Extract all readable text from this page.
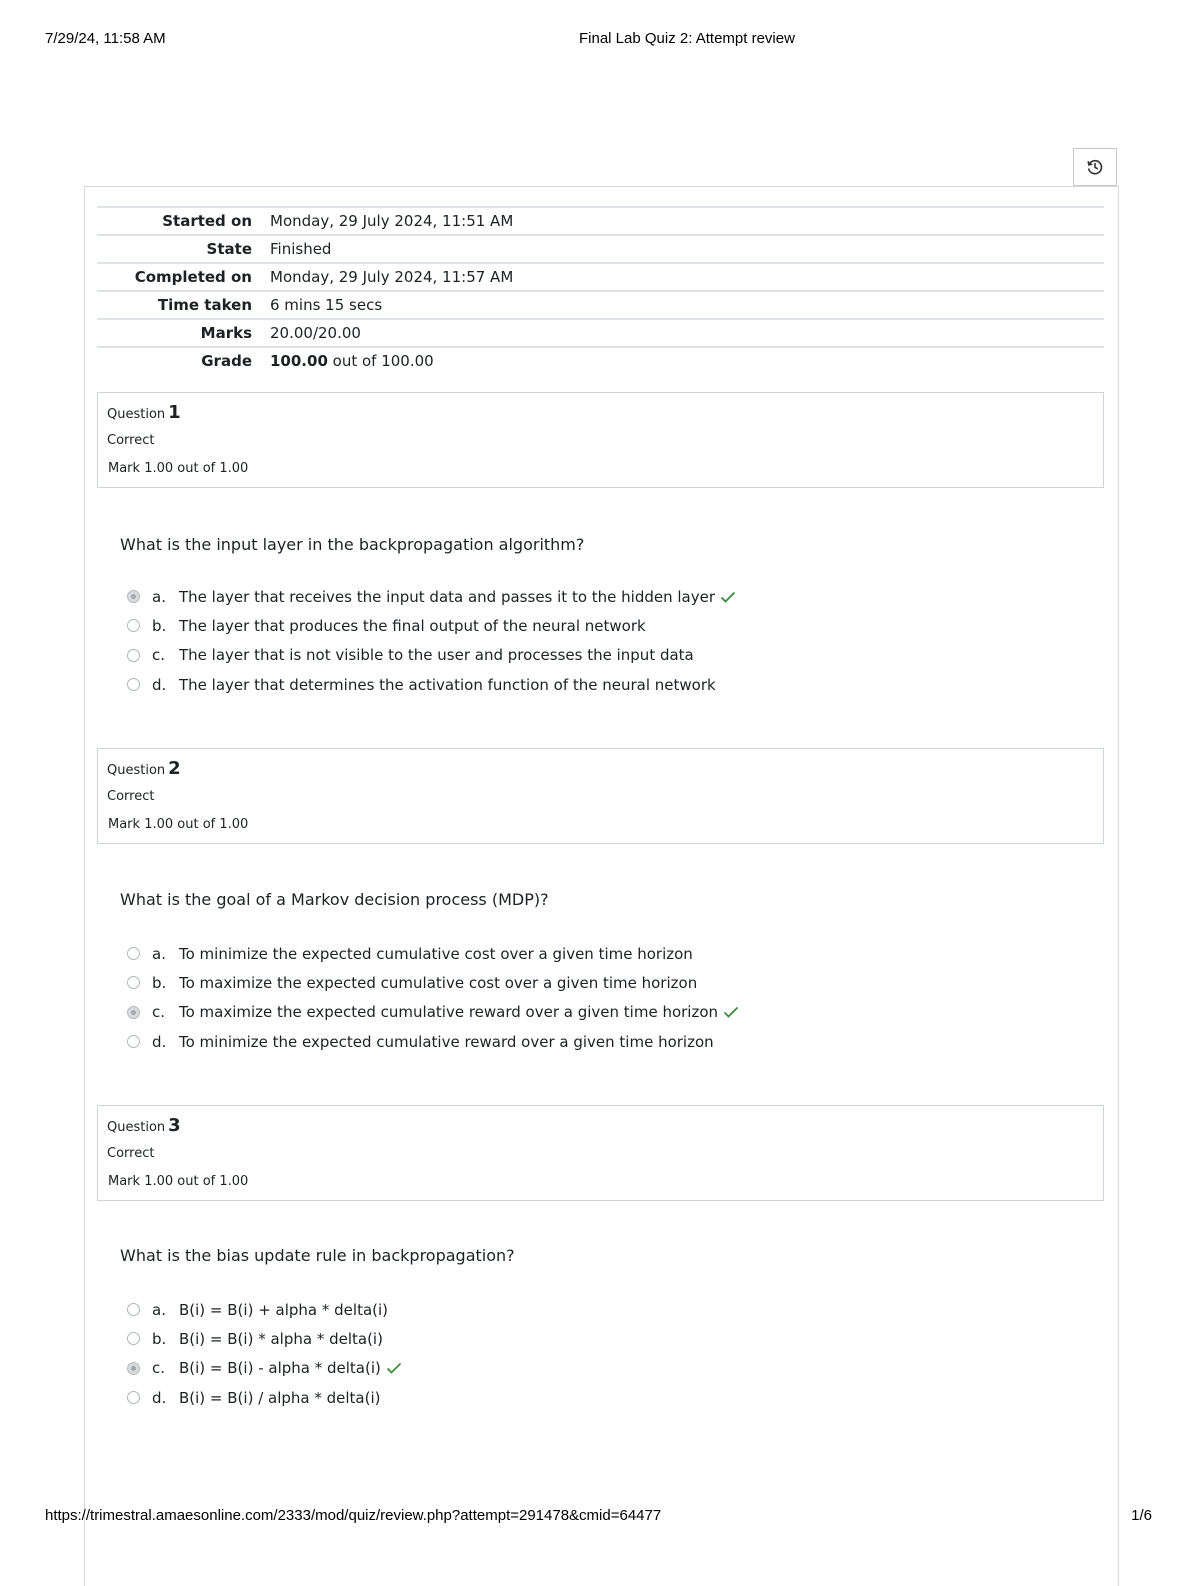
7/29/24, 11:58 AM	Final Lab Quiz 2: Attempt review
Started on	Monday, 29 July 2024, 11:51 AM
State	Finished
Completed on	Monday, 29 July 2024, 11:57 AM
Time taken	6 mins 15 secs
Marks	20.00/20.00
Grade	100.00 out of 100.00
Question 1
Correct
Mark 1.00 out of 1.00
What is the input layer in the backpropagation algorithm?
a. The layer that receives the input data and passes it to the hidden layer
b. The layer that produces the final output of the neural network
c. The layer that is not visible to the user and processes the input data
d. The layer that determines the activation function of the neural network
Question 2
Correct
Mark 1.00 out of 1.00
What is the goal of a Markov decision process (MDP)?
a. To minimize the expected cumulative cost over a given time horizon
b. To maximize the expected cumulative cost over a given time horizon
c. To maximize the expected cumulative reward over a given time horizon
d. To minimize the expected cumulative reward over a given time horizon
Question 3
Correct
Mark 1.00 out of 1.00
What is the bias update rule in backpropagation?
a. B(i) = B(i) + alpha * delta(i)
b. B(i) = B(i) * alpha * delta(i)
c. B(i) = B(i) - alpha * delta(i)
d. B(i) = B(i) / alpha * delta(i)
https://trimestral.amaesonline.com/2333/mod/quiz/review.php?attempt=291478&cmid=64477	1/6
